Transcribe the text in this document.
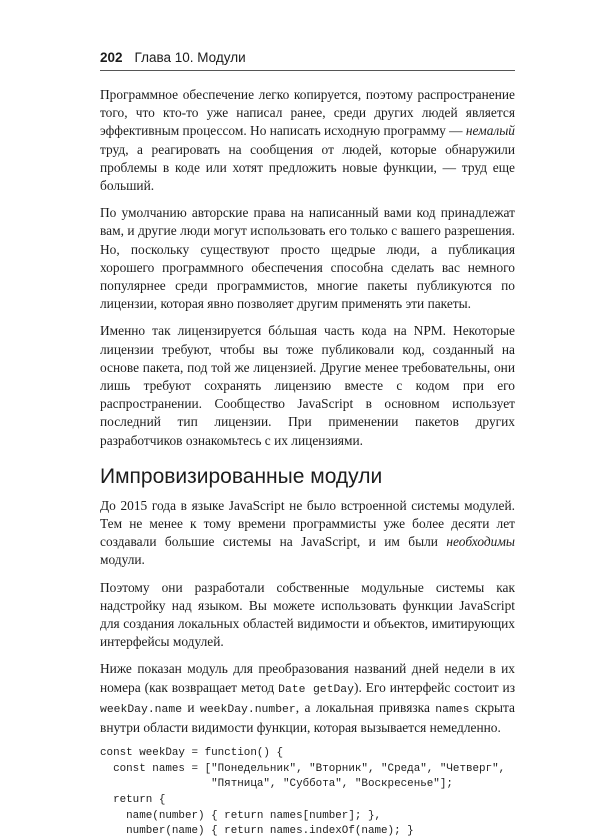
202 Глава 10. Модули

Программное обеспечение легко копируется, поэтому распространение того, что кто-то уже написал ранее, среди других людей является эффективным процессом. Но написать исходную программу — немалый труд, а реагировать на сообщения от людей, которые обнаружили проблемы в коде или хотят предложить новые функции, — труд еще больший.

По умолчанию авторские права на написанный вами код принадлежат вам, и другие люди могут использовать его только с вашего разрешения. Но, поскольку существуют просто щедрые люди, а публикация хорошего программного обеспечения способна сделать вас немного популярнее среди программистов, многие пакеты публикуются по лицензии, которая явно позволяет другим применять эти пакеты.

Именно так лицензируется бóльшая часть кода на NPM. Некоторые лицензии требуют, чтобы вы тоже публиковали код, созданный на основе пакета, под той же лицензией. Другие менее требовательны, они лишь требуют сохранять лицензию вместе с кодом при его распространении. Сообщество JavaScript в основном использует последний тип лицензии. При применении пакетов других разработчиков ознакомьтесь с их лицензиями.

Импровизированные модули

До 2015 года в языке JavaScript не было встроенной системы модулей. Тем не менее к тому времени программисты уже более десяти лет создавали большие системы на JavaScript, и им были необходимы модули.

Поэтому они разработали собственные модульные системы как надстройку над языком. Вы можете использовать функции JavaScript для создания локальных областей видимости и объектов, имитирующих интерфейсы модулей.

Ниже показан модуль для преобразования названий дней недели в их номера (как возвращает метод Date getDay). Его интерфейс состоит из weekDay.name и weekDay.number, а локальная привязка names скрыта внутри области видимости функции, которая вызывается немедленно.

const weekDay = function() {
const names = ["Понедельник", "Вторник", "Среда", "Четверг",
"Пятница", "Суббота", "Воскресенье"];
return {
name(number) { return names[number]; },
number(name) { return names.indexOf(name); }
